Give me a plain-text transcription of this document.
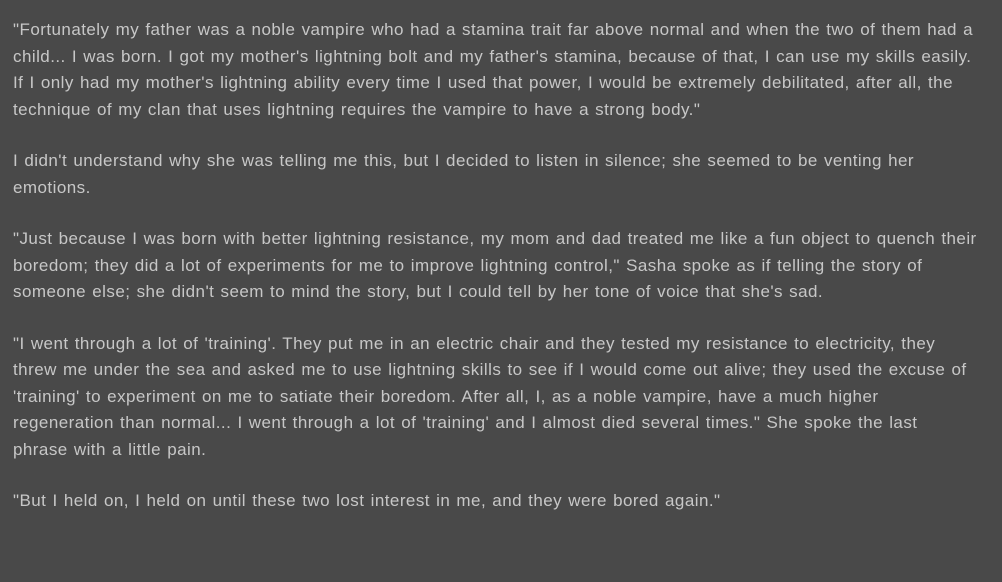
"Fortunately my father was a noble vampire who had a stamina trait far above normal and when the two of them had a child... I was born. I got my mother's lightning bolt and my father's stamina, because of that, I can use my skills easily. If I only had my mother's lightning ability every time I used that power, I would be extremely debilitated, after all, the technique of my clan that uses lightning requires the vampire to have a strong body."

I didn't understand why she was telling me this, but I decided to listen in silence; she seemed to be venting her emotions.

"Just because I was born with better lightning resistance, my mom and dad treated me like a fun object to quench their boredom; they did a lot of experiments for me to improve lightning control," Sasha spoke as if telling the story of someone else; she didn't seem to mind the story, but I could tell by her tone of voice that she's sad.

"I went through a lot of 'training'. They put me in an electric chair and they tested my resistance to electricity, they threw me under the sea and asked me to use lightning skills to see if I would come out alive; they used the excuse of 'training' to experiment on me to satiate their boredom. After all, I, as a noble vampire, have a much higher regeneration than normal... I went through a lot of 'training' and I almost died several times." She spoke the last phrase with a little pain.

"But I held on, I held on until these two lost interest in me, and they were bored again."
